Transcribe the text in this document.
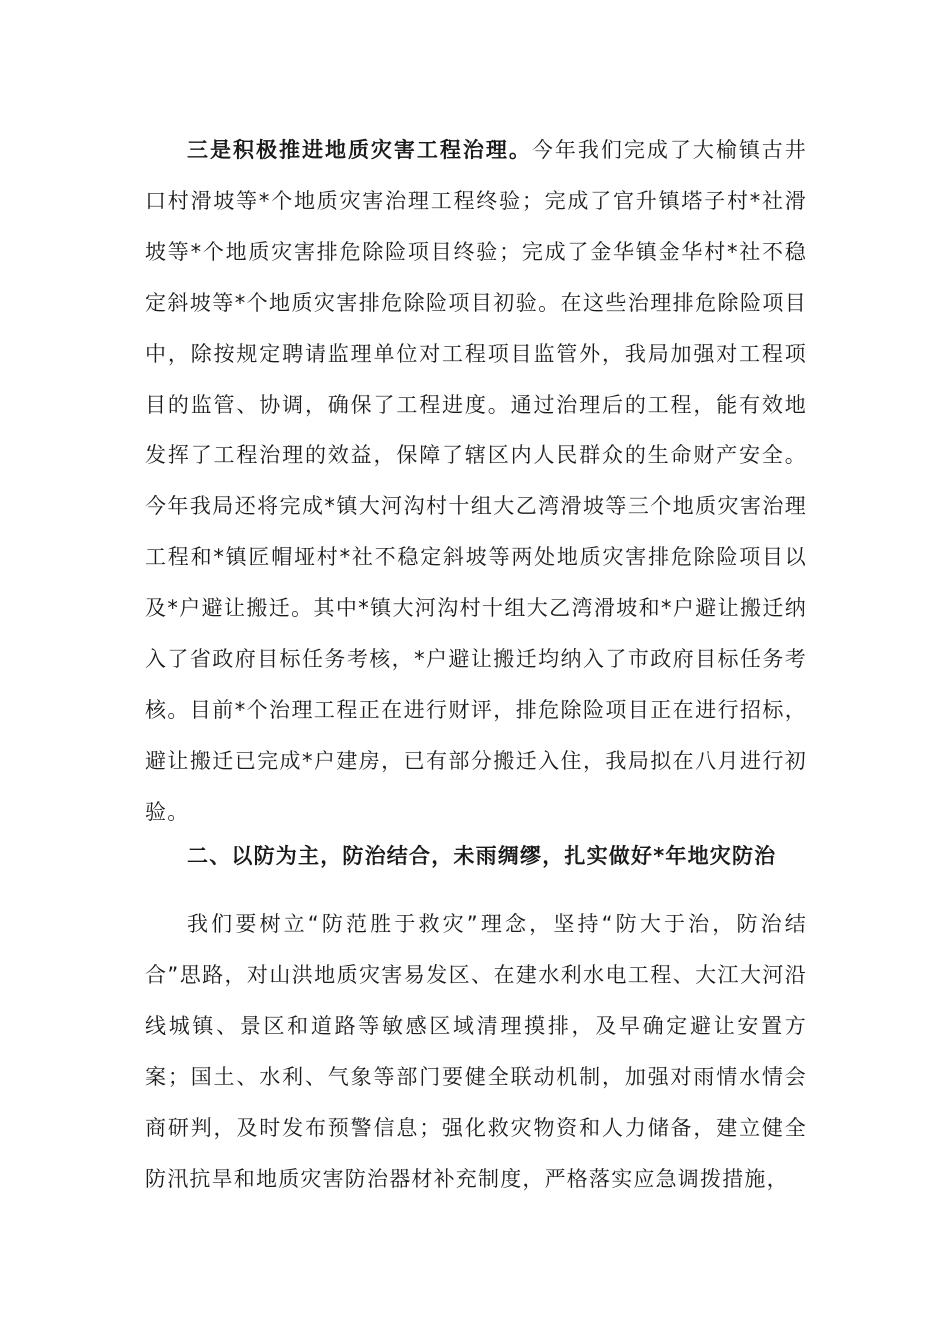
三是积极推进地质灾害工程治理。今年我们完成了大榆镇古井口村滑坡等*个地质灾害治理工程终验；完成了官升镇塔子村*社滑坡等*个地质灾害排危除险项目终验；完成了金华镇金华村*社不稳定斜坡等*个地质灾害排危除险项目初验。在这些治理排危除险项目中，除按规定聘请监理单位对工程项目监管外，我局加强对工程项目的监管、协调，确保了工程进度。通过治理后的工程，能有效地发挥了工程治理的效益，保障了辖区内人民群众的生命财产安全。今年我局还将完成*镇大河沟村十组大乙湾滑坡等三个地质灾害治理工程和*镇匠帽垭村*社不稳定斜坡等两处地质灾害排危除险项目以及*户避让搬迁。其中*镇大河沟村十组大乙湾滑坡和*户避让搬迁纳入了省政府目标任务考核，*户避让搬迁均纳入了市政府目标任务考核。目前*个治理工程正在进行财评，排危除险项目正在进行招标，避让搬迁已完成*户建房，已有部分搬迁入住，我局拟在八月进行初验。
二、以防为主，防治结合，未雨绸缪，扎实做好*年地灾防治
我们要树立“防范胜于救灾”理念，坚持“防大于治，防治结合”思路，对山洪地质灾害易发区、在建水利水电工程、大江大河沿线城镇、景区和道路等敏感区域清理摸排，及早确定避让安置方案；国土、水利、气象等部门要健全联动机制，加强对雨情水情会商研判，及时发布预警信息；强化救灾物资和人力储备，建立健全防汛抗旱和地质灾害防治器材补充制度，严格落实应急调拨措施，
